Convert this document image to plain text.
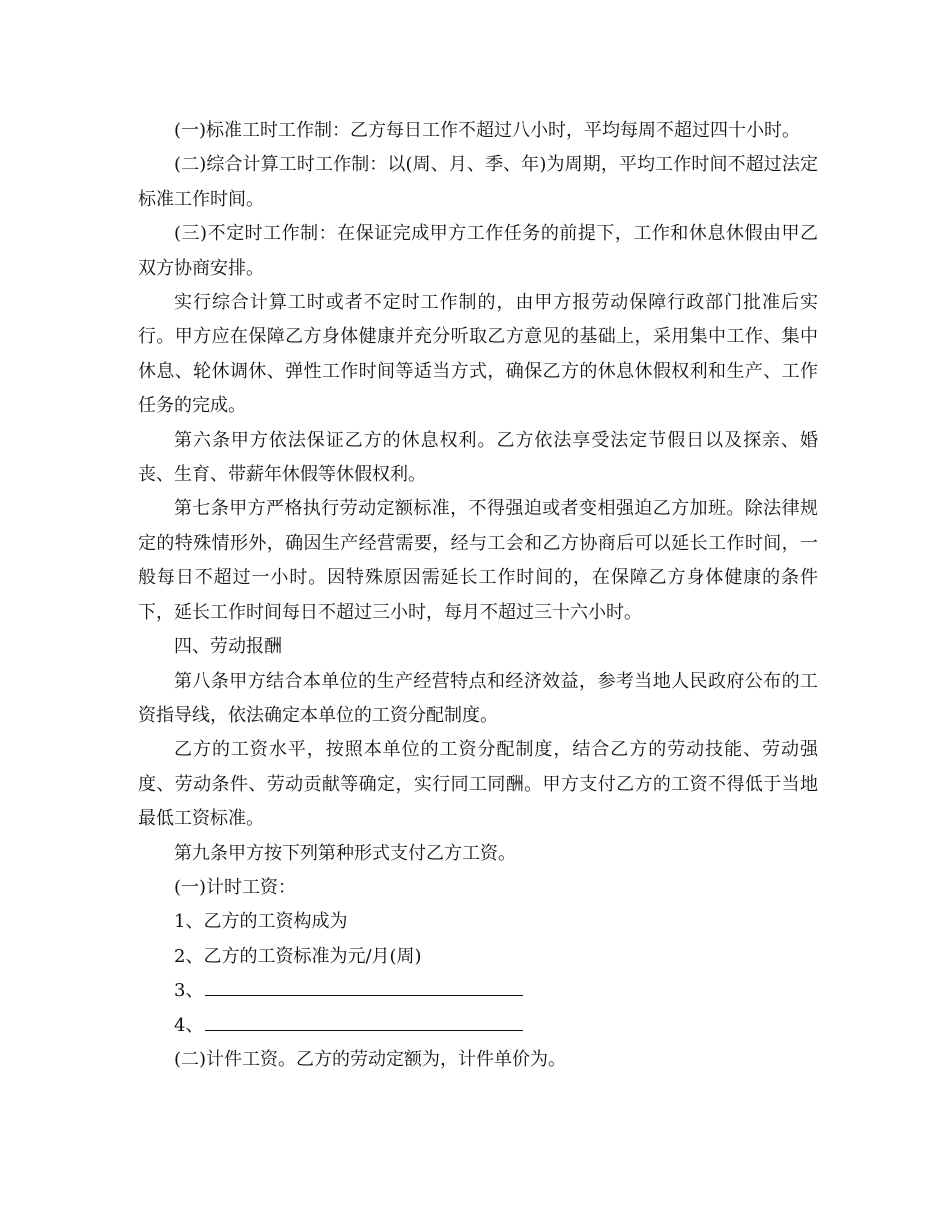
(一)标准工时工作制：乙方每日工作不超过八小时，平均每周不超过四十小时。

(二)综合计算工时工作制：以(周、月、季、年)为周期，平均工作时间不超过法定标准工作时间。

(三)不定时工作制：在保证完成甲方工作任务的前提下，工作和休息休假由甲乙双方协商安排。

实行综合计算工时或者不定时工作制的，由甲方报劳动保障行政部门批准后实行。甲方应在保障乙方身体健康并充分听取乙方意见的基础上，采用集中工作、集中休息、轮休调休、弹性工作时间等适当方式，确保乙方的休息休假权利和生产、工作任务的完成。

第六条甲方依法保证乙方的休息权利。乙方依法享受法定节假日以及探亲、婚丧、生育、带薪年休假等休假权利。

第七条甲方严格执行劳动定额标准，不得强迫或者变相强迫乙方加班。除法律规定的特殊情形外，确因生产经营需要，经与工会和乙方协商后可以延长工作时间，一般每日不超过一小时。因特殊原因需延长工作时间的，在保障乙方身体健康的条件下，延长工作时间每日不超过三小时，每月不超过三十六小时。

四、劳动报酬

第八条甲方结合本单位的生产经营特点和经济效益，参考当地人民政府公布的工资指导线，依法确定本单位的工资分配制度。

乙方的工资水平，按照本单位的工资分配制度，结合乙方的劳动技能、劳动强度、劳动条件、劳动贡献等确定，实行同工同酬。甲方支付乙方的工资不得低于当地最低工资标准。

第九条甲方按下列第种形式支付乙方工资。

(一)计时工资：

1、乙方的工资构成为

2、乙方的工资标准为元/月(周)

3、

4、

(二)计件工资。乙方的劳动定额为，计件单价为。
